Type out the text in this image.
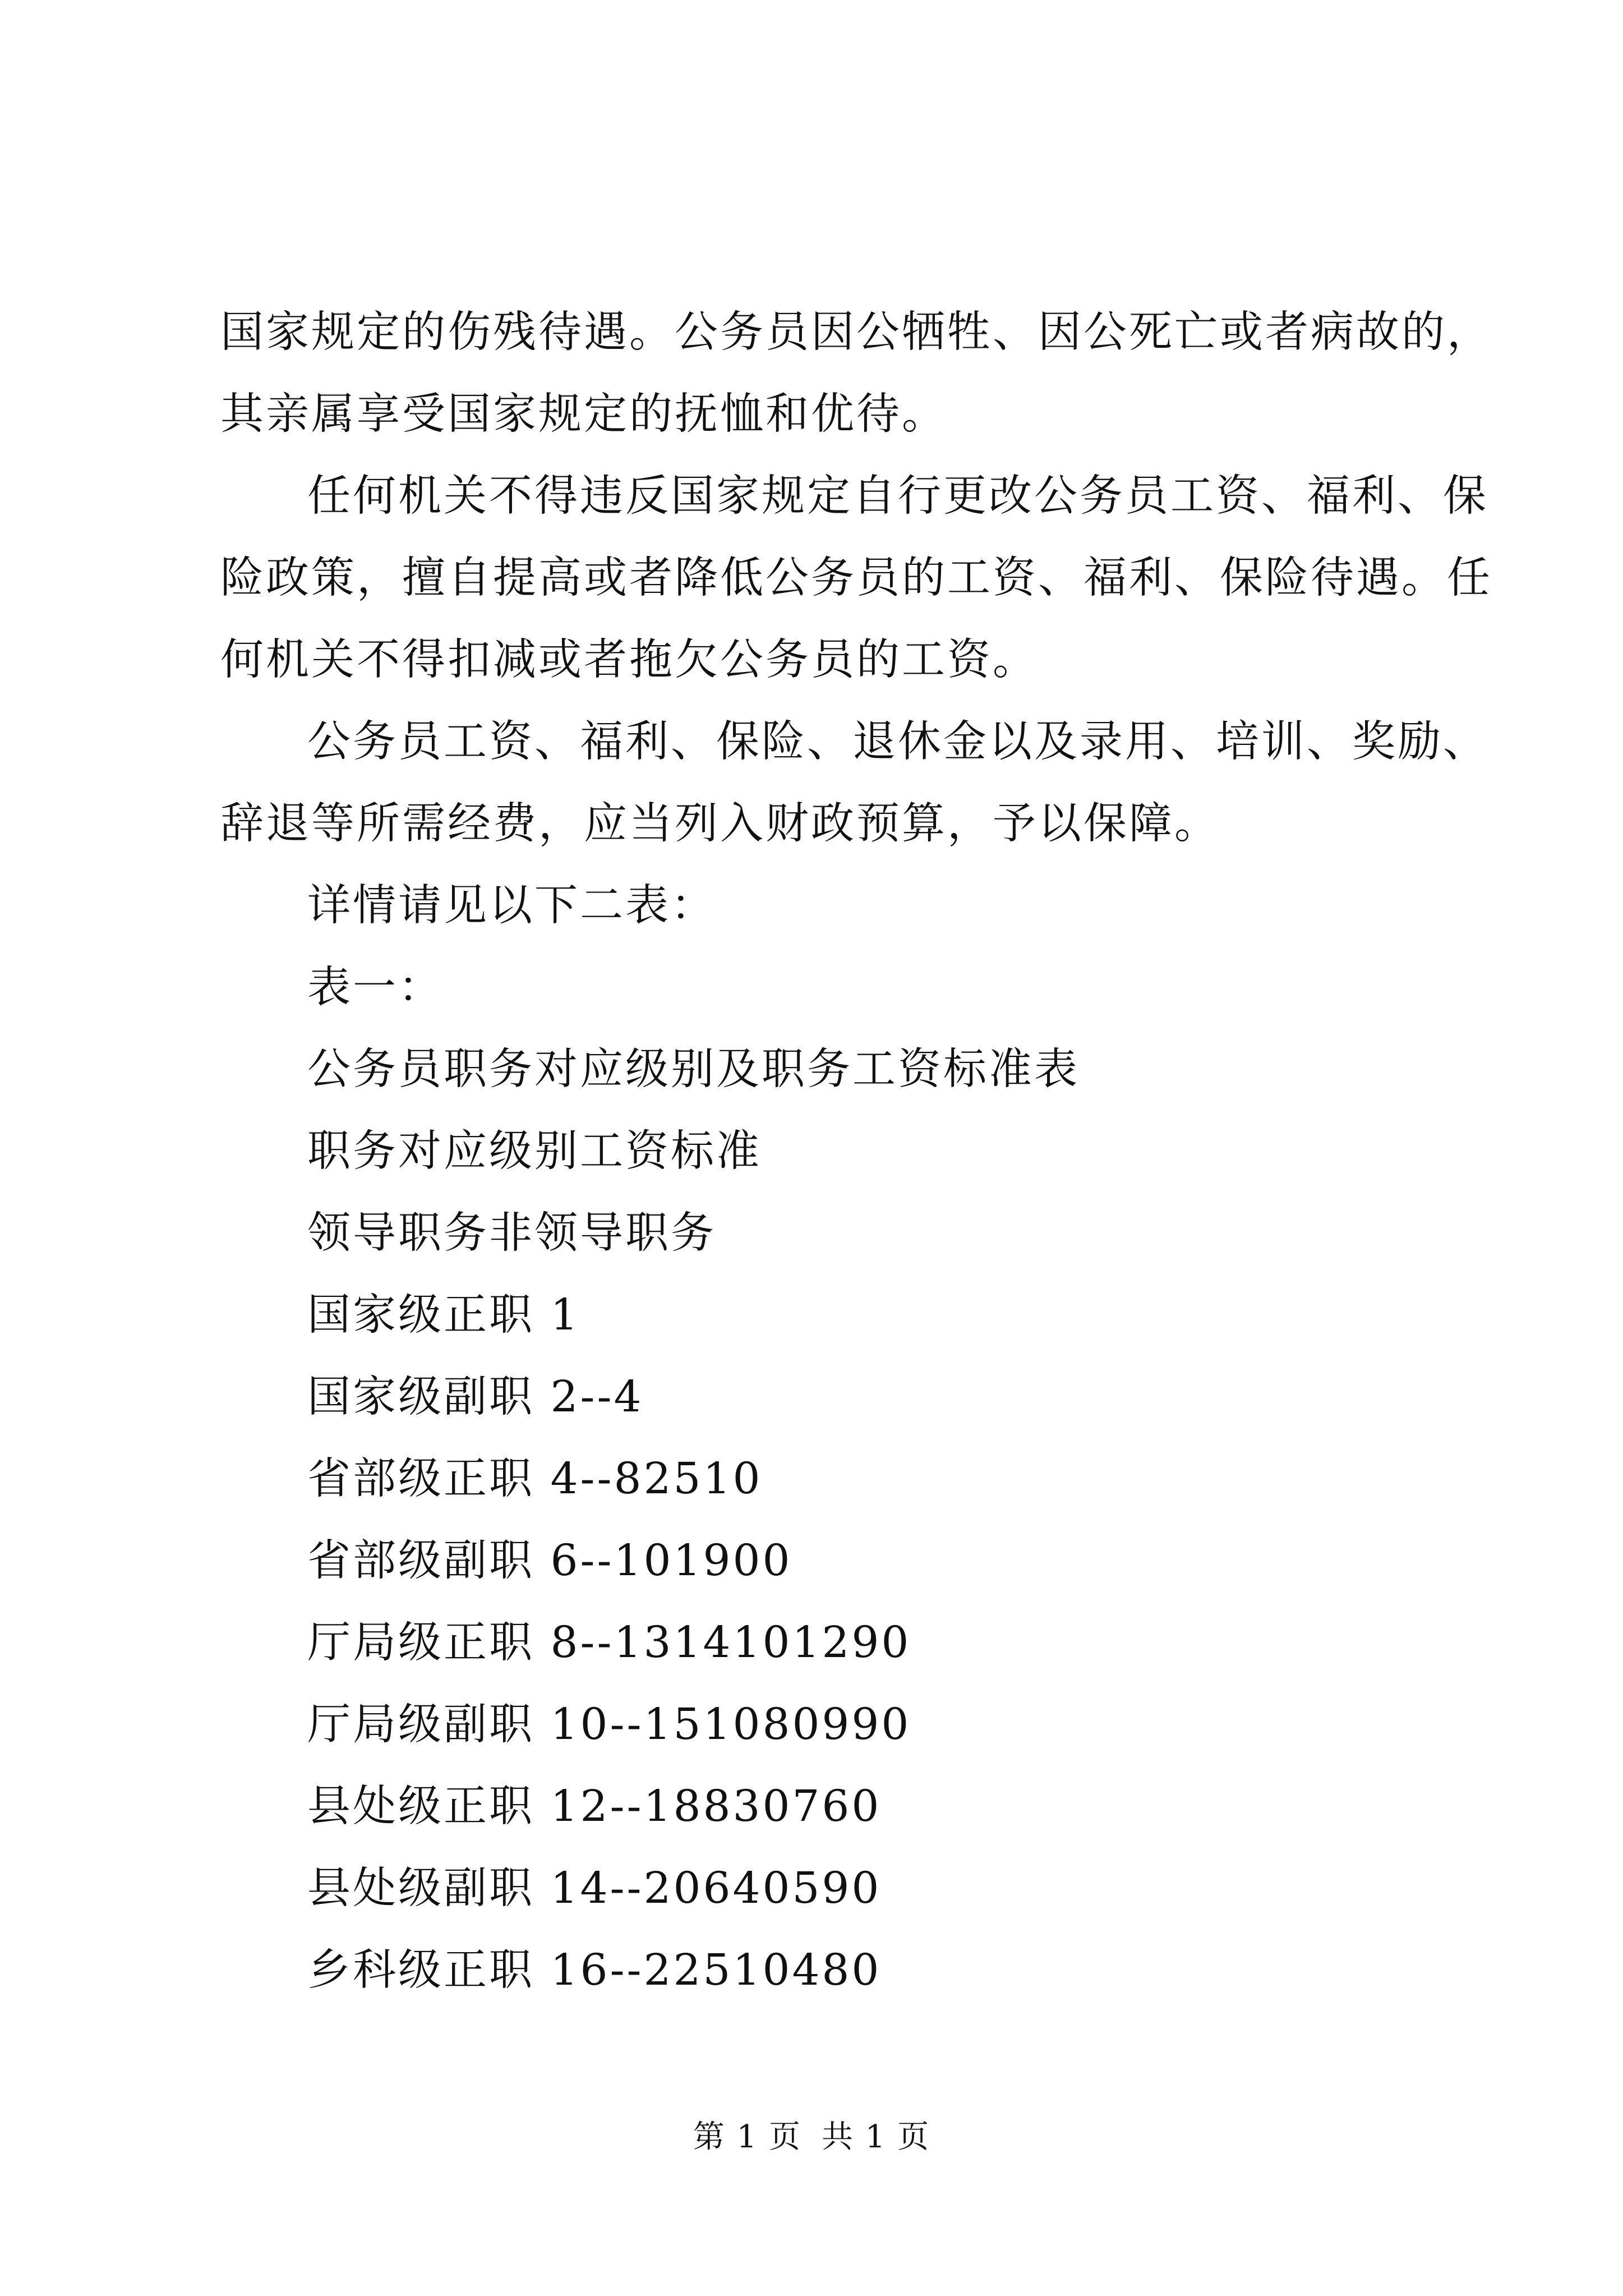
国家规定的伤残待遇。公务员因公牺牲、因公死亡或者病故的，
其亲属享受国家规定的抚恤和优待。
任何机关不得违反国家规定自行更改公务员工资、福利、保
险政策，擅自提高或者降低公务员的工资、福利、保险待遇。任
何机关不得扣减或者拖欠公务员的工资。
公务员工资、福利、保险、退休金以及录用、培训、奖励、
辞退等所需经费，应当列入财政预算，予以保障。
详情请见以下二表：
表一：
公务员职务对应级别及职务工资标准表
职务对应级别工资标准
领导职务非领导职务
国家级正职 1
国家级副职 2--4
省部级正职 4--82510
省部级副职 6--101900
厅局级正职 8--1314101290
厅局级副职 10--151080990
县处级正职 12--18830760
县处级副职 14--20640590
乡科级正职 16--22510480
第 1 页 共 1 页
